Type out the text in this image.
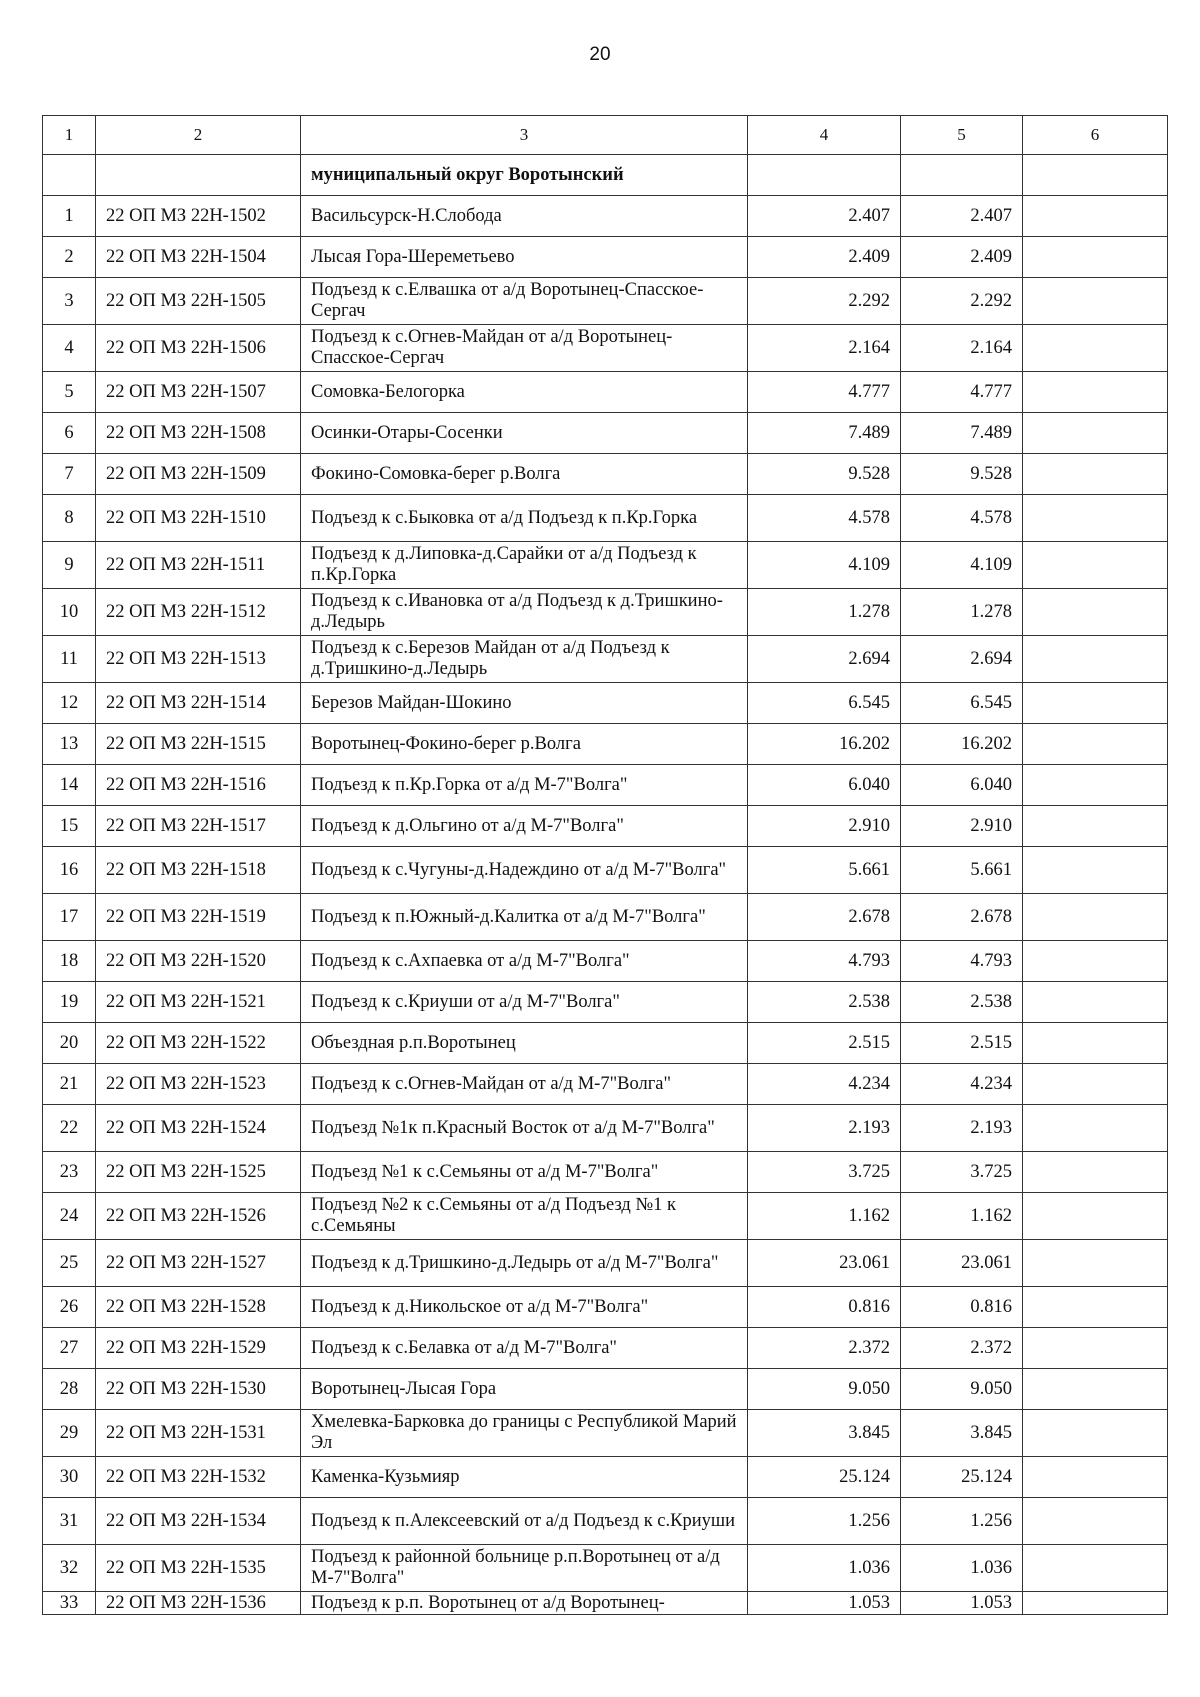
20
1	2	3	4	5	6
		муниципальный округ Воротынский			
1	22 ОП МЗ 22Н-1502	Васильсурск-Н.Слобода	2.407	2.407	
2	22 ОП МЗ 22Н-1504	Лысая Гора-Шереметьево	2.409	2.409	
3	22 ОП МЗ 22Н-1505	Подъезд к с.Елвашка от а/д Воротынец-Спасское-Сергач	2.292	2.292	
4	22 ОП МЗ 22Н-1506	Подъезд к с.Огнев-Майдан от а/д Воротынец-Спасское-Сергач	2.164	2.164	
5	22 ОП МЗ 22Н-1507	Сомовка-Белогорка	4.777	4.777	
6	22 ОП МЗ 22Н-1508	Осинки-Отары-Сосенки	7.489	7.489	
7	22 ОП МЗ 22Н-1509	Фокино-Сомовка-берег р.Волга	9.528	9.528	
8	22 ОП МЗ 22Н-1510	Подъезд к с.Быковка от а/д Подъезд к п.Кр.Горка	4.578	4.578	
9	22 ОП МЗ 22Н-1511	Подъезд к д.Липовка-д.Сарайки от а/д Подъезд к п.Кр.Горка	4.109	4.109	
10	22 ОП МЗ 22Н-1512	Подъезд к с.Ивановка от а/д Подъезд к д.Тришкино-д.Ледырь	1.278	1.278	
11	22 ОП МЗ 22Н-1513	Подъезд к с.Березов Майдан от а/д Подъезд к д.Тришкино-д.Ледырь	2.694	2.694	
12	22 ОП МЗ 22Н-1514	Березов Майдан-Шокино	6.545	6.545	
13	22 ОП МЗ 22Н-1515	Воротынец-Фокино-берег р.Волга	16.202	16.202	
14	22 ОП МЗ 22Н-1516	Подъезд к п.Кр.Горка от а/д М-7"Волга"	6.040	6.040	
15	22 ОП МЗ 22Н-1517	Подъезд к д.Ольгино от а/д М-7"Волга"	2.910	2.910	
16	22 ОП МЗ 22Н-1518	Подъезд к с.Чугуны-д.Надеждино от а/д М-7"Волга"	5.661	5.661	
17	22 ОП МЗ 22Н-1519	Подъезд к п.Южный-д.Калитка от а/д М-7"Волга"	2.678	2.678	
18	22 ОП МЗ 22Н-1520	Подъезд к с.Ахпаевка от а/д М-7"Волга"	4.793	4.793	
19	22 ОП МЗ 22Н-1521	Подъезд к с.Криуши от а/д М-7"Волга"	2.538	2.538	
20	22 ОП МЗ 22Н-1522	Объездная р.п.Воротынец	2.515	2.515	
21	22 ОП МЗ 22Н-1523	Подъезд к с.Огнев-Майдан от а/д М-7"Волга"	4.234	4.234	
22	22 ОП МЗ 22Н-1524	Подъезд №1к п.Красный Восток от а/д М-7"Волга"	2.193	2.193	
23	22 ОП МЗ 22Н-1525	Подъезд №1 к с.Семьяны от а/д М-7"Волга"	3.725	3.725	
24	22 ОП МЗ 22Н-1526	Подъезд №2 к с.Семьяны от а/д Подъезд №1 к с.Семьяны	1.162	1.162	
25	22 ОП МЗ 22Н-1527	Подъезд к д.Тришкино-д.Ледырь от а/д М-7"Волга"	23.061	23.061	
26	22 ОП МЗ 22Н-1528	Подъезд к д.Никольское от а/д М-7"Волга"	0.816	0.816	
27	22 ОП МЗ 22Н-1529	Подъезд к с.Белавка от а/д М-7"Волга"	2.372	2.372	
28	22 ОП МЗ 22Н-1530	Воротынец-Лысая Гора	9.050	9.050	
29	22 ОП МЗ 22Н-1531	Хмелевка-Барковка до границы с Республикой Марий Эл	3.845	3.845	
30	22 ОП МЗ 22Н-1532	Каменка-Кузьмияр	25.124	25.124	
31	22 ОП МЗ 22Н-1534	Подъезд к п.Алексеевский от а/д Подъезд к с.Криуши	1.256	1.256	
32	22 ОП МЗ 22Н-1535	Подъезд к районной больнице р.п.Воротынец от а/д М-7"Волга"	1.036	1.036	
33	22 ОП МЗ 22Н-1536	Подъезд к р.п. Воротынец от а/д Воротынец-	1.053	1.053	
